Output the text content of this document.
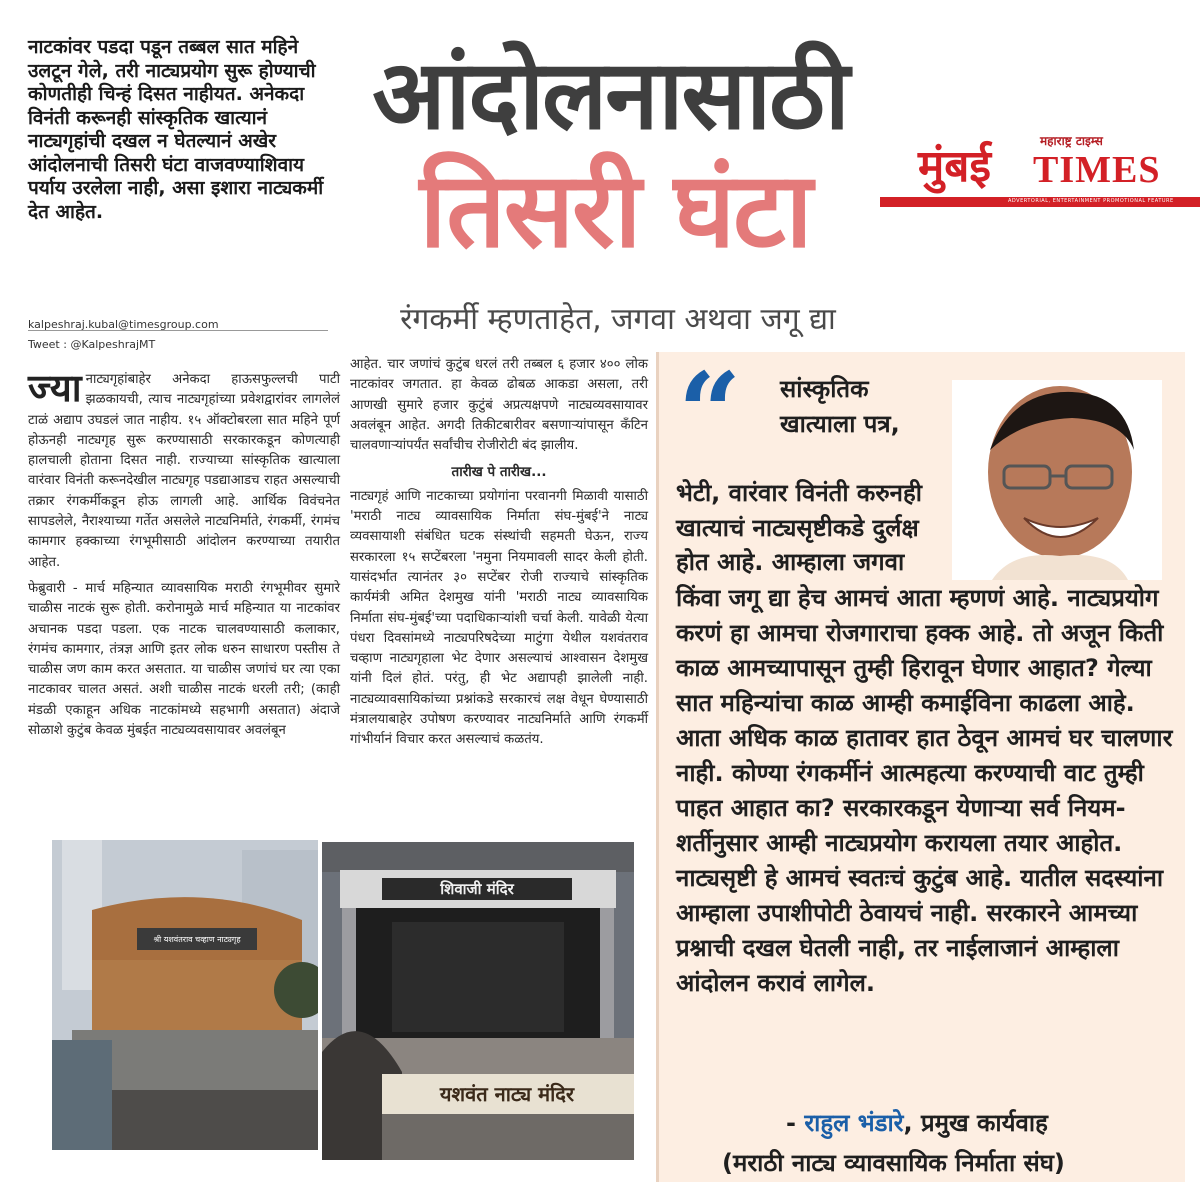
नाटकांवर पडदा पडून तब्बल सात महिने उलटून गेले, तरी नाट्यप्रयोग सुरू होण्याची कोणतीही चिन्हं दिसत नाहीयत. अनेकदा विनंती करूनही सांस्कृतिक खात्यानं नाट्यगृहांची दखल न घेतल्यानं अखेर आंदोलनाची तिसरी घंटा वाजवण्याशिवाय पर्याय उरलेला नाही, असा इशारा नाट्यकर्मी देत आहेत.
kalpeshraj.kubal@timesgroup.com
Tweet : @KalpeshrajMT
आंदोलनासाठी
तिसरी घंटा
रंगकर्मी म्हणताहेत, जगवा अथवा जगू द्या
महाराष्ट्र टाइम्स
मुंबई TIMES
ADVERTORIAL, ENTERTAINMENT PROMOTIONAL FEATURE

ज्या नाट्यगृहांबाहेर अनेकदा हाऊसफुल्लची पाटी झळकायची, त्याच नाट्यगृहांच्या प्रवेशद्वारांवर लागलेलं टाळं अद्याप उघडलं जात नाहीय. १५ ऑक्टोबरला सात महिने पूर्ण होऊनही नाट्यगृह सुरू करण्यासाठी सरकारकडून कोणत्याही हालचाली होताना दिसत नाही. राज्याच्या सांस्कृतिक खात्याला वारंवार विनंती करूनदेखील नाट्यगृह पडद्याआडच राहत असल्याची तक्रार रंगकर्मीकडून होऊ लागली आहे. आर्थिक विवंचनेत सापडलेले, नैराश्याच्या गर्तेत असलेले नाट्यनिर्माते, रंगकर्मी, रंगमंच कामगार हक्काच्या रंगभूमीसाठी आंदोलन करण्याच्या तयारीत आहेत.

फेब्रुवारी - मार्च महिन्यात व्यावसायिक मराठी रंगभूमीवर सुमारे चाळीस नाटकं सुरू होती. करोनामुळे मार्च महिन्यात या नाटकांवर अचानक पडदा पडला. एक नाटक चालवण्यासाठी कलाकार, रंगमंच कामगार, तंत्रज्ञ आणि इतर लोक धरुन साधारण पस्तीस ते चाळीस जण काम करत असतात. या चाळीस जणांचं घर त्या एका नाटकावर चालत असतं. अशी चाळीस नाटकं धरली तरी; (काही मंडळी एकाहून अधिक नाटकांमध्ये सहभागी असतात) अंदाजे सोळाशे कुटुंब केवळ मुंबईत नाट्यव्यवसायावर अवलंबून

आहेत. चार जणांचं कुटुंब धरलं तरी तब्बल ६ हजार ४०० लोक नाटकांवर जगतात. हा केवळ ढोबळ आकडा असला, तरी आणखी सुमारे हजार कुटुंबं अप्रत्यक्षपणे नाट्यव्यवसायावर अवलंबून आहेत. अगदी तिकीटबारीवर बसणाऱ्यांपासून कँटिन चालवणाऱ्यांपर्यंत सर्वांचीच रोजीरोटी बंद झालीय.

तारीख पे तारीख...

नाट्यगृहं आणि नाटकाच्या प्रयोगांना परवानगी मिळावी यासाठी 'मराठी नाट्य व्यावसायिक निर्माता संघ-मुंबई'ने नाट्य व्यवसायाशी संबंधित घटक संस्थांची सहमती घेऊन, राज्य सरकारला १५ सप्टेंबरला 'नमुना नियमावली सादर केली होती. यासंदर्भात त्यानंतर ३० सप्टेंबर रोजी राज्याचे सांस्कृतिक कार्यमंत्री अमित देशमुख यांनी 'मराठी नाट्य व्यावसायिक निर्माता संघ-मुंबई'च्या पदाधिकाऱ्यांशी चर्चा केली. यावेळी येत्या पंधरा दिवसांमध्ये नाट्यपरिषदेच्या माटुंगा येथील यशवंतराव चव्हाण नाट्यगृहाला भेट देणार असल्याचं आश्वासन देशमुख यांनी दिलं होतं. परंतु, ही भेट अद्यापही झालेली नाही. नाट्यव्यावसायिकांच्या प्रश्नांकडे सरकारचं लक्ष वेधून घेण्यासाठी मंत्रालयाबाहेर उपोषण करण्यावर नाट्यनिर्माते आणि रंगकर्मी गांभीर्यानं विचार करत असल्याचं कळतंय.

श्री यशवंतराव चव्हाण नाट्यगृह
शिवाजी मंदिर
यशवंत नाट्य मंदिर
“ सांस्कृतिक खात्याला पत्र,
भेटी, वारंवार विनंती करुनही खात्याचं नाट्यसृष्टीकडे दुर्लक्ष होत आहे. आम्हाला जगवा
किंवा जगू द्या हेच आमचं आता म्हणणं आहे. नाट्यप्रयोग करणं हा आमचा रोजगाराचा हक्क आहे. तो अजून किती काळ आमच्यापासून तुम्ही हिरावून घेणार आहात? गेल्या सात महिन्यांचा काळ आम्ही कमाईविना काढला आहे. आता अधिक काळ हातावर हात ठेवून आमचं घर चालणार नाही. कोण्या रंगकर्मीनं आत्महत्या करण्याची वाट तुम्ही पाहत आहात का? सरकारकडून येणाऱ्या सर्व नियम-शर्तीनुसार आम्ही नाट्यप्रयोग करायला तयार आहोत. नाट्यसृष्टी हे आमचं स्वतःचं कुटुंब आहे. यातील सदस्यांना आम्हाला उपाशीपोटी ठेवायचं नाही. सरकारने आमच्या प्रश्नाची दखल घेतली नाही, तर नाईलाजानं आम्हाला आंदोलन करावं लागेल.
- राहुल भंडारे, प्रमुख कार्यवाह
(मराठी नाट्य व्यावसायिक निर्माता संघ)
